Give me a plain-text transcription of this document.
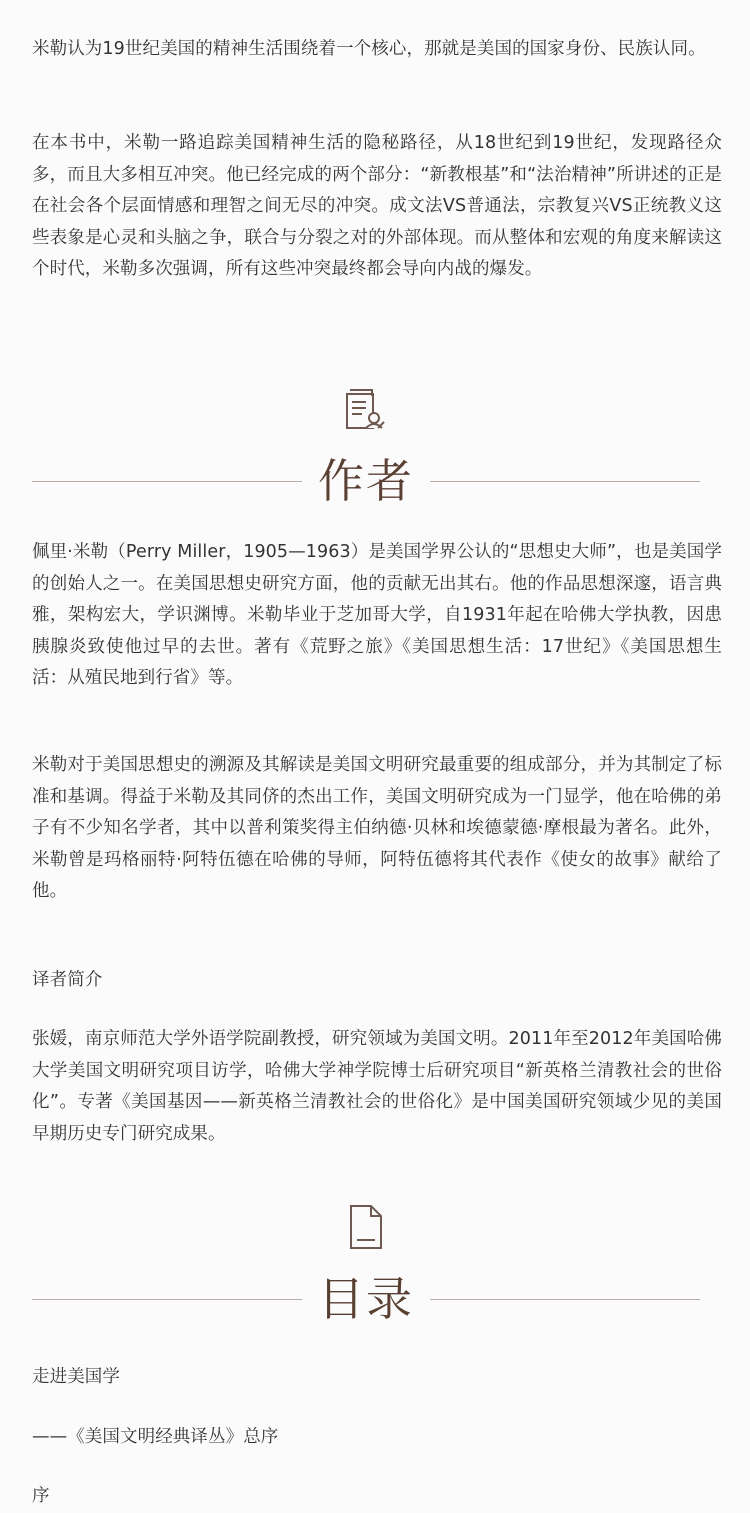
米勒认为19世纪美国的精神生活围绕着一个核心，那就是美国的国家身份、民族认同。

在本书中，米勒一路追踪美国精神生活的隐秘路径，从18世纪到19世纪，发现路径众多，而且大多相互冲突。他已经完成的两个部分：“新教根基”和“法治精神”所讲述的正是在社会各个层面情感和理智之间无尽的冲突。成文法VS普通法，宗教复兴VS正统教义这些表象是心灵和头脑之争，联合与分裂之对的外部体现。而从整体和宏观的角度来解读这个时代，米勒多次强调，所有这些冲突最终都会导向内战的爆发。

作者

佩里·米勒（Perry Miller，1905—1963）是美国学界公认的“思想史大师”，也是美国学的创始人之一。在美国思想史研究方面，他的贡献无出其右。他的作品思想深邃，语言典雅，架构宏大，学识渊博。米勒毕业于芝加哥大学，自1931年起在哈佛大学执教，因患胰腺炎致使他过早的去世。著有《荒野之旅》《美国思想生活：17世纪》《美国思想生活：从殖民地到行省》等。

米勒对于美国思想史的溯源及其解读是美国文明研究最重要的组成部分，并为其制定了标准和基调。得益于米勒及其同侪的杰出工作，美国文明研究成为一门显学，他在哈佛的弟子有不少知名学者，其中以普利策奖得主伯纳德·贝林和埃德蒙德·摩根最为著名。此外，米勒曾是玛格丽特·阿特伍德在哈佛的导师，阿特伍德将其代表作《使女的故事》献给了他。

译者简介

张媛，南京师范大学外语学院副教授，研究领域为美国文明。2011年至2012年美国哈佛大学美国文明研究项目访学，哈佛大学神学院博士后研究项目“新英格兰清教社会的世俗化”。专著《美国基因——新英格兰清教社会的世俗化》是中国美国研究领域少见的美国早期历史专门研究成果。

目录

走进美国学

——《美国文明经典译丛》总序

序
